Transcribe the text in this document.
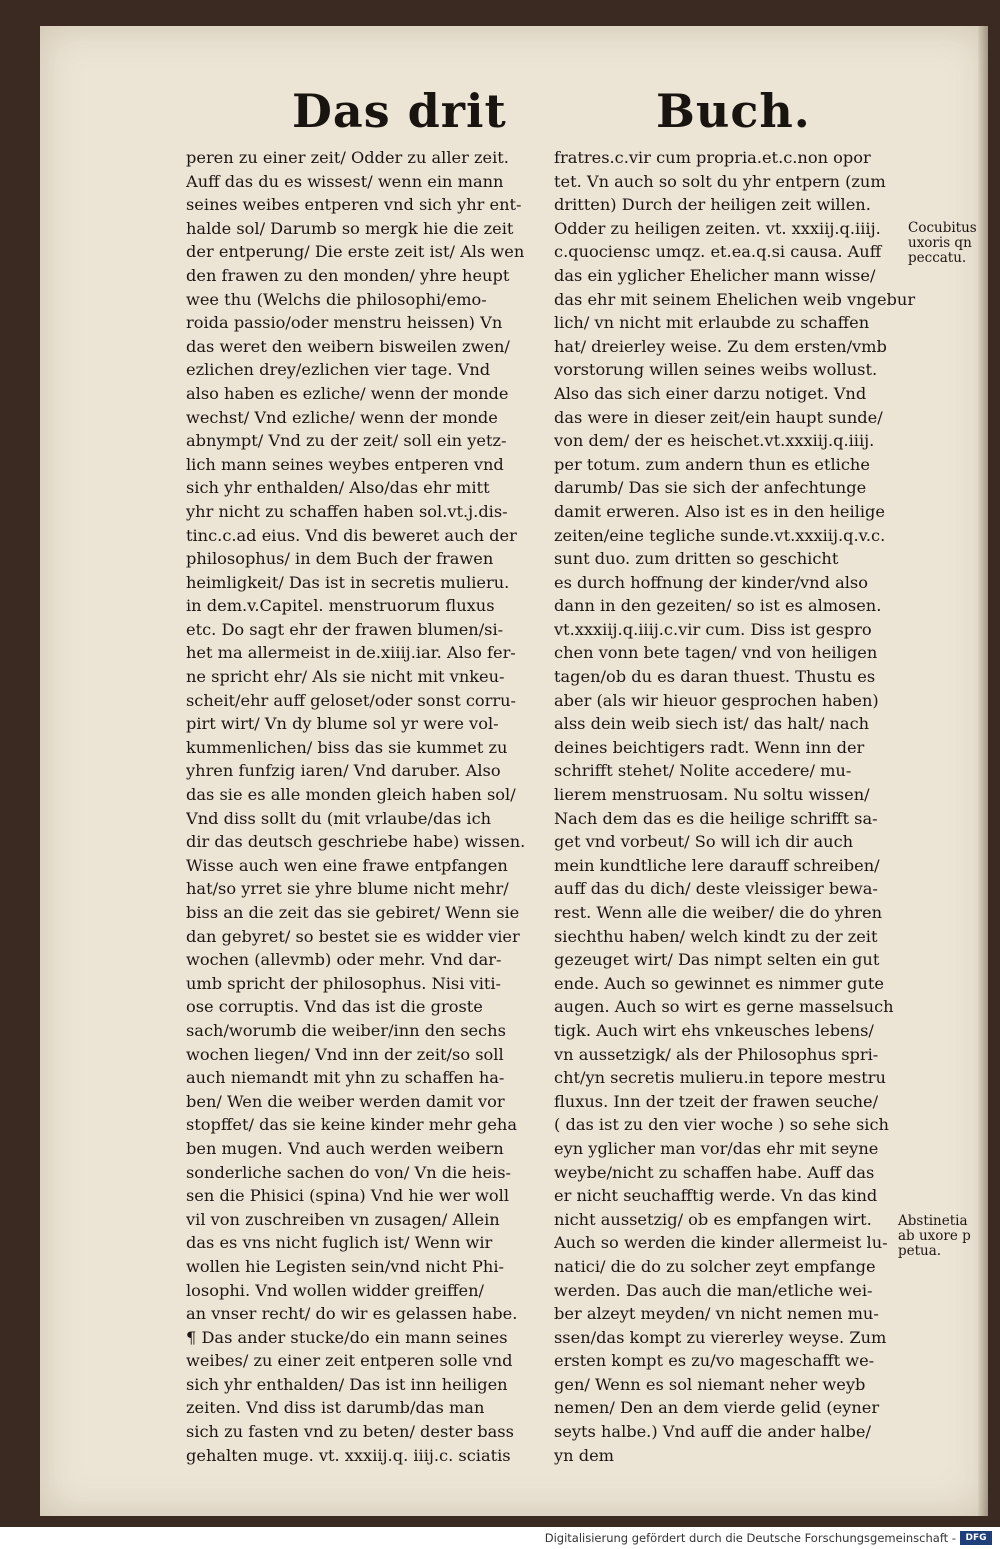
Das drit	Buch.
peren zu einer zeit/ Odder zu aller zeit.
Auff das du es wissest/ wenn ein mann
seines weibes entperen vnd sich yhr ent-
halde sol/ Darumb so mergk hie die zeit
der entperung/ Die erste zeit ist/ Als wen
den frawen zu den monden/ yhre heupt
wee thu (Welchs die philosophi/emo-
roida passio/oder menstru heissen) Vn
das weret den weibern bisweilen zwen/
ezlichen drey/ezlichen vier tage. Vnd
also haben es ezliche/ wenn der monde
wechst/ Vnd ezliche/ wenn der monde
abnympt/ Vnd zu der zeit/ soll ein yetz-
lich mann seines weybes entperen vnd
sich yhr enthalden/ Also/das ehr mitt
yhr nicht zu schaffen haben sol.vt.j.dis-
tinc.c.ad eius. Vnd dis beweret auch der
philosophus/ in dem Buch der frawen
heimligkeit/ Das ist in secretis mulieru.
in dem.v.Capitel. menstruorum fluxus
etc. Do sagt ehr der frawen blumen/si-
het ma allermeist in de.xiiij.iar. Also fer-
ne spricht ehr/ Als sie nicht mit vnkeu-
scheit/ehr auff geloset/oder sonst corru-
pirt wirt/ Vn dy blume sol yr were vol-
kummenlichen/ biss das sie kummet zu
yhren funfzig iaren/ Vnd daruber. Also
das sie es alle monden gleich haben sol/
Vnd diss sollt du (mit vrlaube/das ich
dir das deutsch geschriebe habe) wissen.
Wisse auch wen eine frawe entpfangen
hat/so yrret sie yhre blume nicht mehr/
biss an die zeit das sie gebiret/ Wenn sie
dan gebyret/ so bestet sie es widder vier
wochen (allevmb) oder mehr. Vnd dar-
umb spricht der philosophus. Nisi viti-
ose corruptis. Vnd das ist die groste
sach/worumb die weiber/inn den sechs
wochen liegen/ Vnd inn der zeit/so soll
auch niemandt mit yhn zu schaffen ha-
ben/ Wen die weiber werden damit vor
stopffet/ das sie keine kinder mehr geha
ben mugen. Vnd auch werden weibern
sonderliche sachen do von/ Vn die heis-
sen die Phisici (spina) Vnd hie wer woll
vil von zuschreiben vn zusagen/ Allein
das es vns nicht fuglich ist/ Wenn wir
wollen hie Legisten sein/vnd nicht Phi-
losophi. Vnd wollen widder greiffen/
an vnser recht/ do wir es gelassen habe.
¶ Das ander stucke/do ein mann seines
weibes/ zu einer zeit entperen solle vnd
sich yhr enthalden/ Das ist inn heiligen
zeiten. Vnd diss ist darumb/das man
sich zu fasten vnd zu beten/ dester bass
gehalten muge. vt. xxxiij.q. iiij.c. sciatis
fratres.c.vir cum propria.et.c.non opor
tet. Vn auch so solt du yhr entpern (zum
dritten) Durch der heiligen zeit willen.
Odder zu heiligen zeiten. vt. xxxiij.q.iiij.
c.quociensc umqz. et.ea.q.si causa. Auff
das ein yglicher Ehelicher mann wisse/
das ehr mit seinem Ehelichen weib vngebur
lich/ vn nicht mit erlaubde zu schaffen
hat/ dreierley weise. Zu dem ersten/vmb
vorstorung willen seines weibs wollust.
Also das sich einer darzu notiget. Vnd
das were in dieser zeit/ein haupt sunde/
von dem/ der es heischet.vt.xxxiij.q.iiij.
per totum. zum andern thun es etliche
darumb/ Das sie sich der anfechtunge
damit erweren. Also ist es in den heilige
zeiten/eine tegliche sunde.vt.xxxiij.q.v.c.
sunt duo. zum dritten so geschicht
es durch hoffnung der kinder/vnd also
dann in den gezeiten/ so ist es almosen.
vt.xxxiij.q.iiij.c.vir cum. Diss ist gespro
chen vonn bete tagen/ vnd von heiligen
tagen/ob du es daran thuest. Thustu es
aber (als wir hieuor gesprochen haben)
alss dein weib siech ist/ das halt/ nach
deines beichtigers radt. Wenn inn der
schrifft stehet/ Nolite accedere/ mu-
lierem menstruosam. Nu soltu wissen/
Nach dem das es die heilige schrifft sa-
get vnd vorbeut/ So will ich dir auch
mein kundtliche lere darauff schreiben/
auff das du dich/ deste vleissiger bewa-
rest. Wenn alle die weiber/ die do yhren
siechthu haben/ welch kindt zu der zeit
gezeuget wirt/ Das nimpt selten ein gut
ende. Auch so gewinnet es nimmer gute
augen. Auch so wirt es gerne masselsuch
tigk. Auch wirt ehs vnkeusches lebens/
vn aussetzigk/ als der Philosophus spri-
cht/yn secretis mulieru.in tepore mestru
fluxus. Inn der tzeit der frawen seuche/
( das ist zu den vier woche ) so sehe sich
eyn yglicher man vor/das ehr mit seyne
weybe/nicht zu schaffen habe. Auff das
er nicht seuchafftig werde. Vn das kind
nicht aussetzig/ ob es empfangen wirt.
Auch so werden die kinder allermeist lu-
natici/ die do zu solcher zeyt empfange
werden. Das auch die man/etliche wei-
ber alzeyt meyden/ vn nicht nemen mu-
ssen/das kompt zu viererley weyse. Zum
ersten kompt es zu/vo mageschafft we-
gen/ Wenn es sol niemant neher weyb
nemen/ Den an dem vierde gelid (eyner
seyts halbe.) Vnd auff die ander halbe/
yn dem
Cocubitus
uxoris qn
peccatu.
Abstinetia
ab uxore p
petua.
Digitalisierung gefördert durch die Deutsche Forschungsgemeinschaft -	DFG
